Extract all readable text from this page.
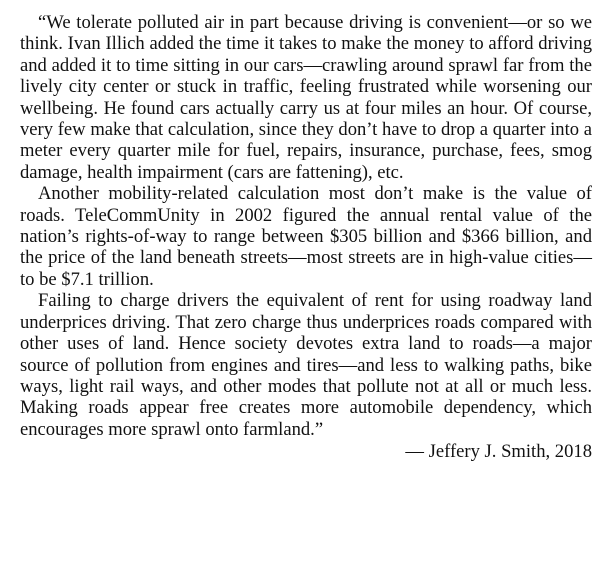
“We tolerate polluted air in part because driving is convenient—or so we think. Ivan Illich added the time it takes to make the money to afford driving and added it to time sitting in our cars—crawling around sprawl far from the lively city center or stuck in traffic, feeling frustrated while worsening our wellbeing. He found cars actually carry us at four miles an hour. Of course, very few make that calculation, since they don’t have to drop a quarter into a meter every quarter mile for fuel, repairs, insurance, purchase, fees, smog damage, health impairment (cars are fattening), etc.

Another mobility-related calculation most don’t make is the value of roads. TeleCommUnity in 2002 figured the annual rental value of the nation’s rights-of-way to range between $305 billion and $366 billion, and the price of the land beneath streets—most streets are in high-value cities—to be $7.1 trillion.

Failing to charge drivers the equivalent of rent for using roadway land underprices driving. That zero charge thus underprices roads compared with other uses of land. Hence society devotes extra land to roads—a major source of pollution from engines and tires—and less to walking paths, bike ways, light rail ways, and other modes that pollute not at all or much less. Making roads appear free creates more automobile dependency, which encourages more sprawl onto farmland.”

— Jeffery J. Smith, 2018
